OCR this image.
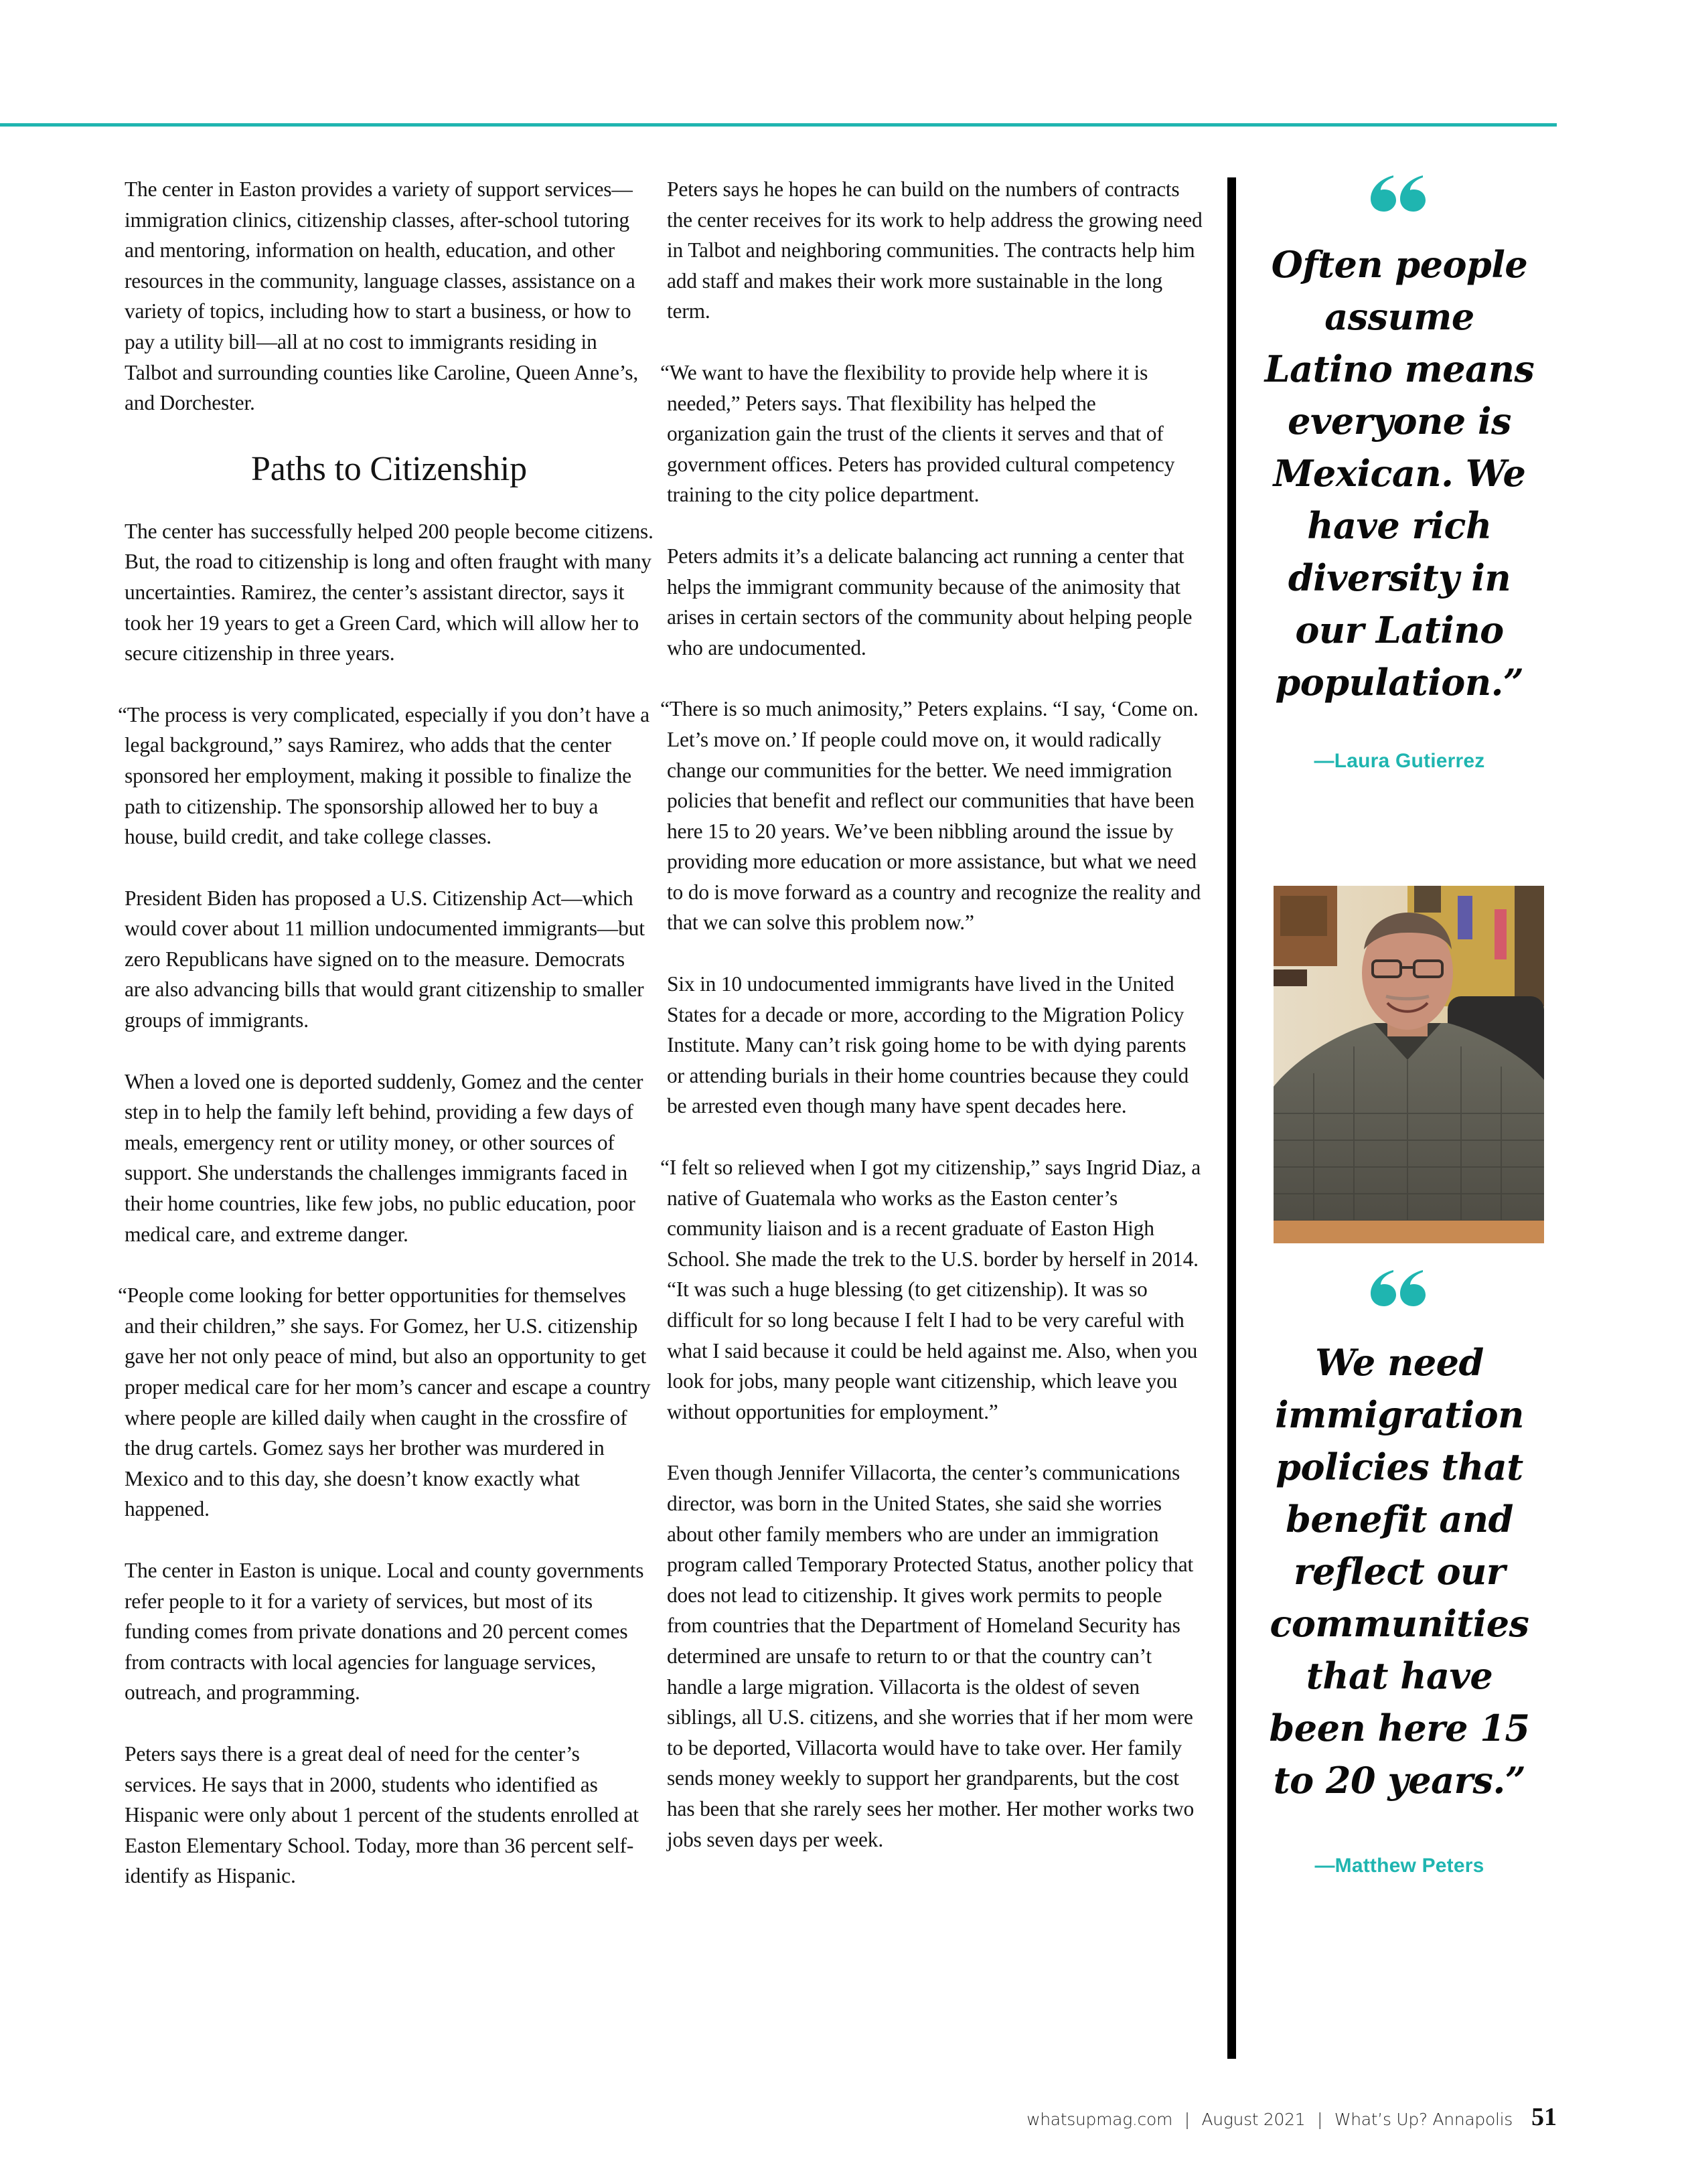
The center in Easton provides a variety of support services—immigration clinics, citizenship classes, after-school tutoring and mentoring, information on health, education, and other resources in the community, language classes, assistance on a variety of topics, including how to start a business, or how to pay a utility bill—all at no cost to immigrants residing in Talbot and surrounding counties like Caroline, Queen Anne’s, and Dorchester.

Paths to Citizenship

The center has successfully helped 200 people become citizens. But, the road to citizenship is long and often fraught with many uncertainties. Ramirez, the center’s assistant director, says it took her 19 years to get a Green Card, which will allow her to secure citizenship in three years.

“The process is very complicated, especially if you don’t have a legal background,” says Ramirez, who adds that the center sponsored her employment, making it possible to finalize the path to citizenship. The sponsorship allowed her to buy a house, build credit, and take college classes.

President Biden has proposed a U.S. Citizenship Act—which would cover about 11 million undocumented immigrants—but zero Republicans have signed on to the measure. Democrats are also advancing bills that would grant citizenship to smaller groups of immigrants.

When a loved one is deported suddenly, Gomez and the center step in to help the family left behind, providing a few days of meals, emergency rent or utility money, or other sources of support. She understands the challenges immigrants faced in their home countries, like few jobs, no public education, poor medical care, and extreme danger.

“People come looking for better opportunities for themselves and their children,” she says. For Gomez, her U.S. citizenship gave her not only peace of mind, but also an opportunity to get proper medical care for her mom’s cancer and escape a country where people are killed daily when caught in the crossfire of the drug cartels. Gomez says her brother was murdered in Mexico and to this day, she doesn’t know exactly what happened.

The center in Easton is unique. Local and county governments refer people to it for a variety of services, but most of its funding comes from private donations and 20 percent comes from contracts with local agencies for language services, outreach, and programming.

Peters says there is a great deal of need for the center’s services. He says that in 2000, students who identified as Hispanic were only about 1 percent of the students enrolled at Easton Elementary School. Today, more than 36 percent self-identify as Hispanic.

Peters says he hopes he can build on the numbers of contracts the center receives for its work to help address the growing need in Talbot and neighboring communities. The contracts help him add staff and makes their work more sustainable in the long term.

“We want to have the flexibility to provide help where it is needed,” Peters says. That flexibility has helped the organization gain the trust of the clients it serves and that of government offices. Peters has provided cultural competency training to the city police department.

Peters admits it’s a delicate balancing act running a center that helps the immigrant community because of the animosity that arises in certain sectors of the community about helping people who are undocumented.

“There is so much animosity,” Peters explains. “I say, ‘Come on. Let’s move on.’ If people could move on, it would radically change our communities for the better. We need immigration policies that benefit and reflect our communities that have been here 15 to 20 years. We’ve been nibbling around the issue by providing more education or more assistance, but what we need to do is move forward as a country and recognize the reality and that we can solve this problem now.”

Six in 10 undocumented immigrants have lived in the United States for a decade or more, according to the Migration Policy Institute. Many can’t risk going home to be with dying parents or attending burials in their home countries because they could be arrested even though many have spent decades here.

“I felt so relieved when I got my citizenship,” says Ingrid Diaz, a native of Guatemala who works as the Easton center’s community liaison and is a recent graduate of Easton High School. She made the trek to the U.S. border by herself in 2014. “It was such a huge blessing (to get citizenship). It was so difficult for so long because I felt I had to be very careful with what I said because it could be held against me. Also, when you look for jobs, many people want citizenship, which leave you without opportunities for employment.”

Even though Jennifer Villacorta, the center’s communications director, was born in the United States, she said she worries about other family members who are under an immigration program called Temporary Protected Status, another policy that does not lead to citizenship. It gives work permits to people from countries that the Department of Homeland Security has determined are unsafe to return to or that the country can’t handle a large migration. Villacorta is the oldest of seven siblings, all U.S. citizens, and she worries that if her mom were to be deported, Villacorta would have to take over. Her family sends money weekly to support her grandparents, but the cost has been that she rarely sees her mother. Her mother works two jobs seven days per week.

Often people
assume
Latino means
everyone is
Mexican. We
have rich
diversity in
our Latino
population.”

—Laura Gutierrez

We need
immigration
policies that
benefit and
reflect our
communities
that have
been here 15
to 20 years.”

—Matthew Peters
whatsupmag.com | August 2021 | What’s Up? Annapolis 51
